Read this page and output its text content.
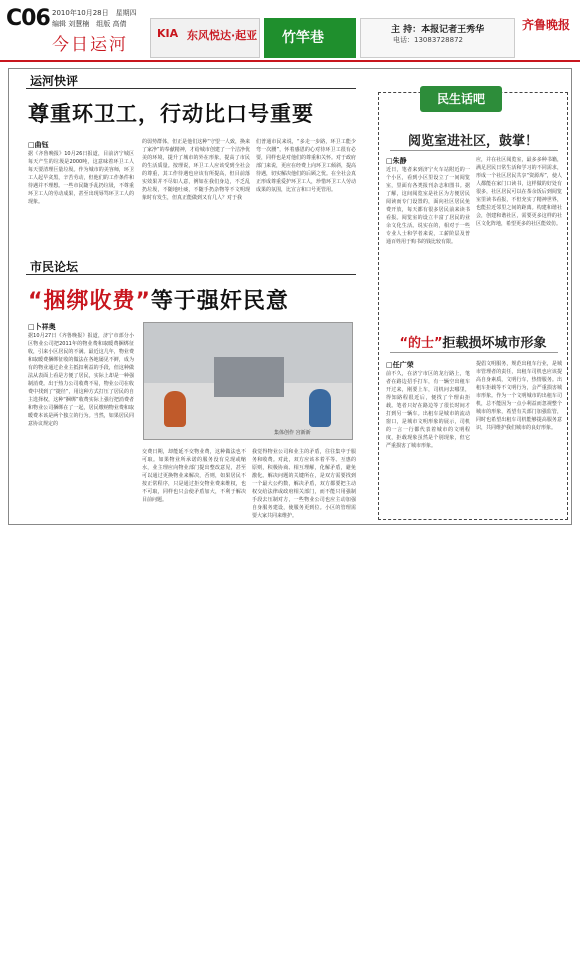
C06 2010年10月28日　星期四
编辑 刘慧楠　组版 高倩
今日运河
KIA 东风悦达·起亚 竹竿巷	主 持：本报记者王秀华
电话：13083728872
齐鲁晚报
运河快评
尊重环卫工，行动比口号重要
□曲钰
据《齐鲁晚报》10月26日报道，目前济宁城区每天产生的垃圾是2000吨，这意味着环卫工人每天要清理巨量垃圾。作为城市的美容师，环卫工人起早贪黑，辛苦劳动，但他们的工作条件和待遇并不理想。一些市民随手乱扔垃圾，不尊重环卫工人的劳动成果，甚至出现辱骂环卫工人的现象。
的弱势群体，但正是他们这种“守望一人致，换来了家净”的奉献精神，才给城市创建了一个洁净优美的环境，提升了城市的外在形象，提高了市民的生活质量。按理说，环卫工人应该受到全社会的尊重，其工作待遇也应该有所提高，但目前落实效果并不尽如人意，例如在我们身边，不乏乱扔垃圾，不随地吐痰，不随手扔杂物等不文明现象时有发生，但真正能做到又有几人？对于我
们普通市民来说，“多走一步路，环卫工能少弯一次腰”，怀着感恩的心对待环卫工很有必要，同样也是对他们的尊重和关怀。对于政府部门来说，更应在经费上向环卫工倾斜，提高待遇，切实解决他们的后顾之忧。在全社会真正形成尊重爱护环卫工人，珍惜环卫工人劳动成果的氛围，比宣言和口号更管用。
市民论坛
“捆绑收费”等于强奸民意
□卜祥奥
据10月27日《齐鲁晚报》报道，济宁市部分小区物业公司把2011年的物业费和取暖费捆绑征收，引来小区居民的不满。最近这几年，物业费和取暖费捆绑征收的做法在各地屡见不鲜，成为有的物业通过企业主抵扣利益的手段，但这种做法从表面上看是方便了居民，实际上却是一种强制消费。出于热力公司收费不易，物业公司在收费中找到了“捷径”，用这种方式打压了居民的自主选择权，这种“捆绑”收费实际上强行把消费者和物业公司捆绑在了一起，居民缴纳物业费和取暖费本该是两个独立的行为。当然，如果居民同意协议规定的
集体创作 宫新新
交费日期，却能延不交物业费，这种做法也不可取。如果物业所承诺的服务没有兑现或缩水，业主理应向物业部门提出整改意见，甚至可以通过更换物业来解决，否则，如果居民不按正常程序，只是通过拒交物业费来维权，也不可取，同样也只会使矛盾加大，不利于解决目前问题。
我觉得物业公司和业主的矛盾，往往集中于服务和收费。对此，双方应该本着平等、互惠的原则，积极协商、相互理解，化解矛盾，避免激化。解决问题的关键所在，是双方需要找到一个最大公约数，解决矛盾，双方都要把主动权交给法律或政府相关部门，而不能只用强制手段去压制对方，一些物业公司也应主动加强自身服务建设，使服务更到位。小区的管理需要大家共同来维护。
民生话吧
阅览室进社区，鼓掌！
□朱静
近日，笔者来到济宁火车站附近的一个小区，看到小区里设立了一间阅览室，里面有各类报刊杂志和图书。据了解，这间阅览室是社区为方便居民阅读而专门设置的，面向社区居民免费开放，每天都有很多居民前来读书看报。阅览室的设立丰富了居民的业余文化生活。说实在的，相对于一些专业人士和学者来说，工薪阶层及普通百姓用于购书的钱比较有限。
应，并在社区阅览室，最多多种书籍，满足居民日常生活和学习的不同需求，形成一个社区居民共享“资源库”，使人人都能在家门口读书，这样做的好处有很多，社区居民可以在茶余饭后到阅览室里读书看报，不但充实了精神世界，也能拉近邻里之间的距离。构建和谐社会，创建和谐社区，需要更多这样的社区文化阵地，希望更多的社区能效仿。
“的士”拒载损坏城市形象
□任广荣
前不久，在济宁市区的龙行路上，笔者在路边招手打车，有一辆空出租车开过来，刚要上车，司机问去哪里，得知路程很近后，便找了个理由拒载。笔者只好在路边等了很长时间才打到另一辆车。出租车是城市的流动窗口，是城市文明形象的展示，司机的一言一行都代表着城市的文明程度，拒载现象虽然是个别现象，但它严重损害了城市形象。
提倡文明服务，规范出租车行业，是城市管理者的责任，出租车司机也应该提高自身素质，文明行车，热情服务。出租车拒载等不文明行为，会严重损害城市形象。作为一个文明城市的出租车司机，总不能因为一点小利益而忽视整个城市的形象，希望有关部门加强监管，同时也希望出租车司机能够提高服务意识，共同维护我们城市的良好形象。
